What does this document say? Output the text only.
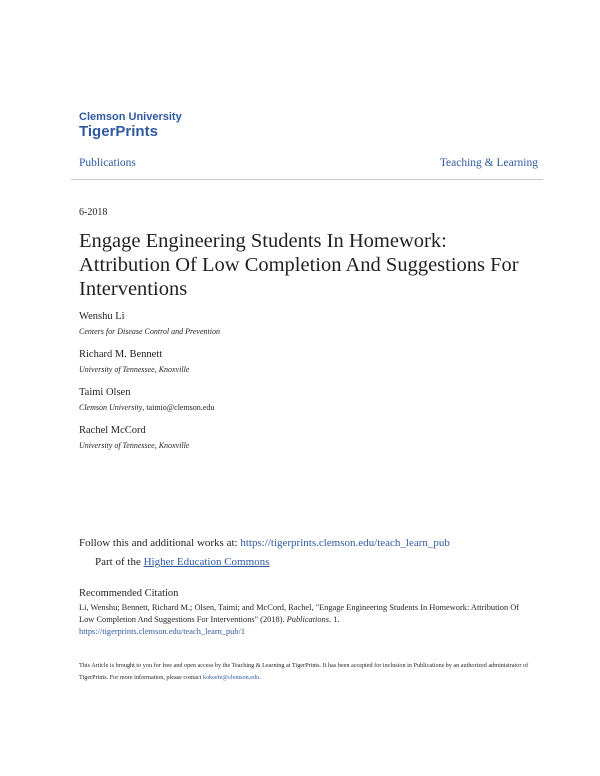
Clemson University
TigerPrints
Publications	Teaching & Learning
6-2018
Engage Engineering Students In Homework: Attribution Of Low Completion And Suggestions For Interventions
Wenshu Li
Centers for Disease Control and Prevention
Richard M. Bennett
University of Tennessee, Knoxville
Taimi Olsen
Clemson University, taimio@clemson.edu
Rachel McCord
University of Tennessee, Knoxville
Follow this and additional works at: https://tigerprints.clemson.edu/teach_learn_pub
Part of the Higher Education Commons
Recommended Citation
Li, Wenshu; Bennett, Richard M.; Olsen, Taimi; and McCord, Rachel, "Engage Engineering Students In Homework: Attribution Of Low Completion And Suggestions For Interventions" (2018). Publications. 1.
https://tigerprints.clemson.edu/teach_learn_pub/1
This Article is brought to you for free and open access by the Teaching & Learning at TigerPrints. It has been accepted for inclusion in Publications by an authorized administrator of TigerPrints. For more information, please contact kokeefe@clemson.edu.
